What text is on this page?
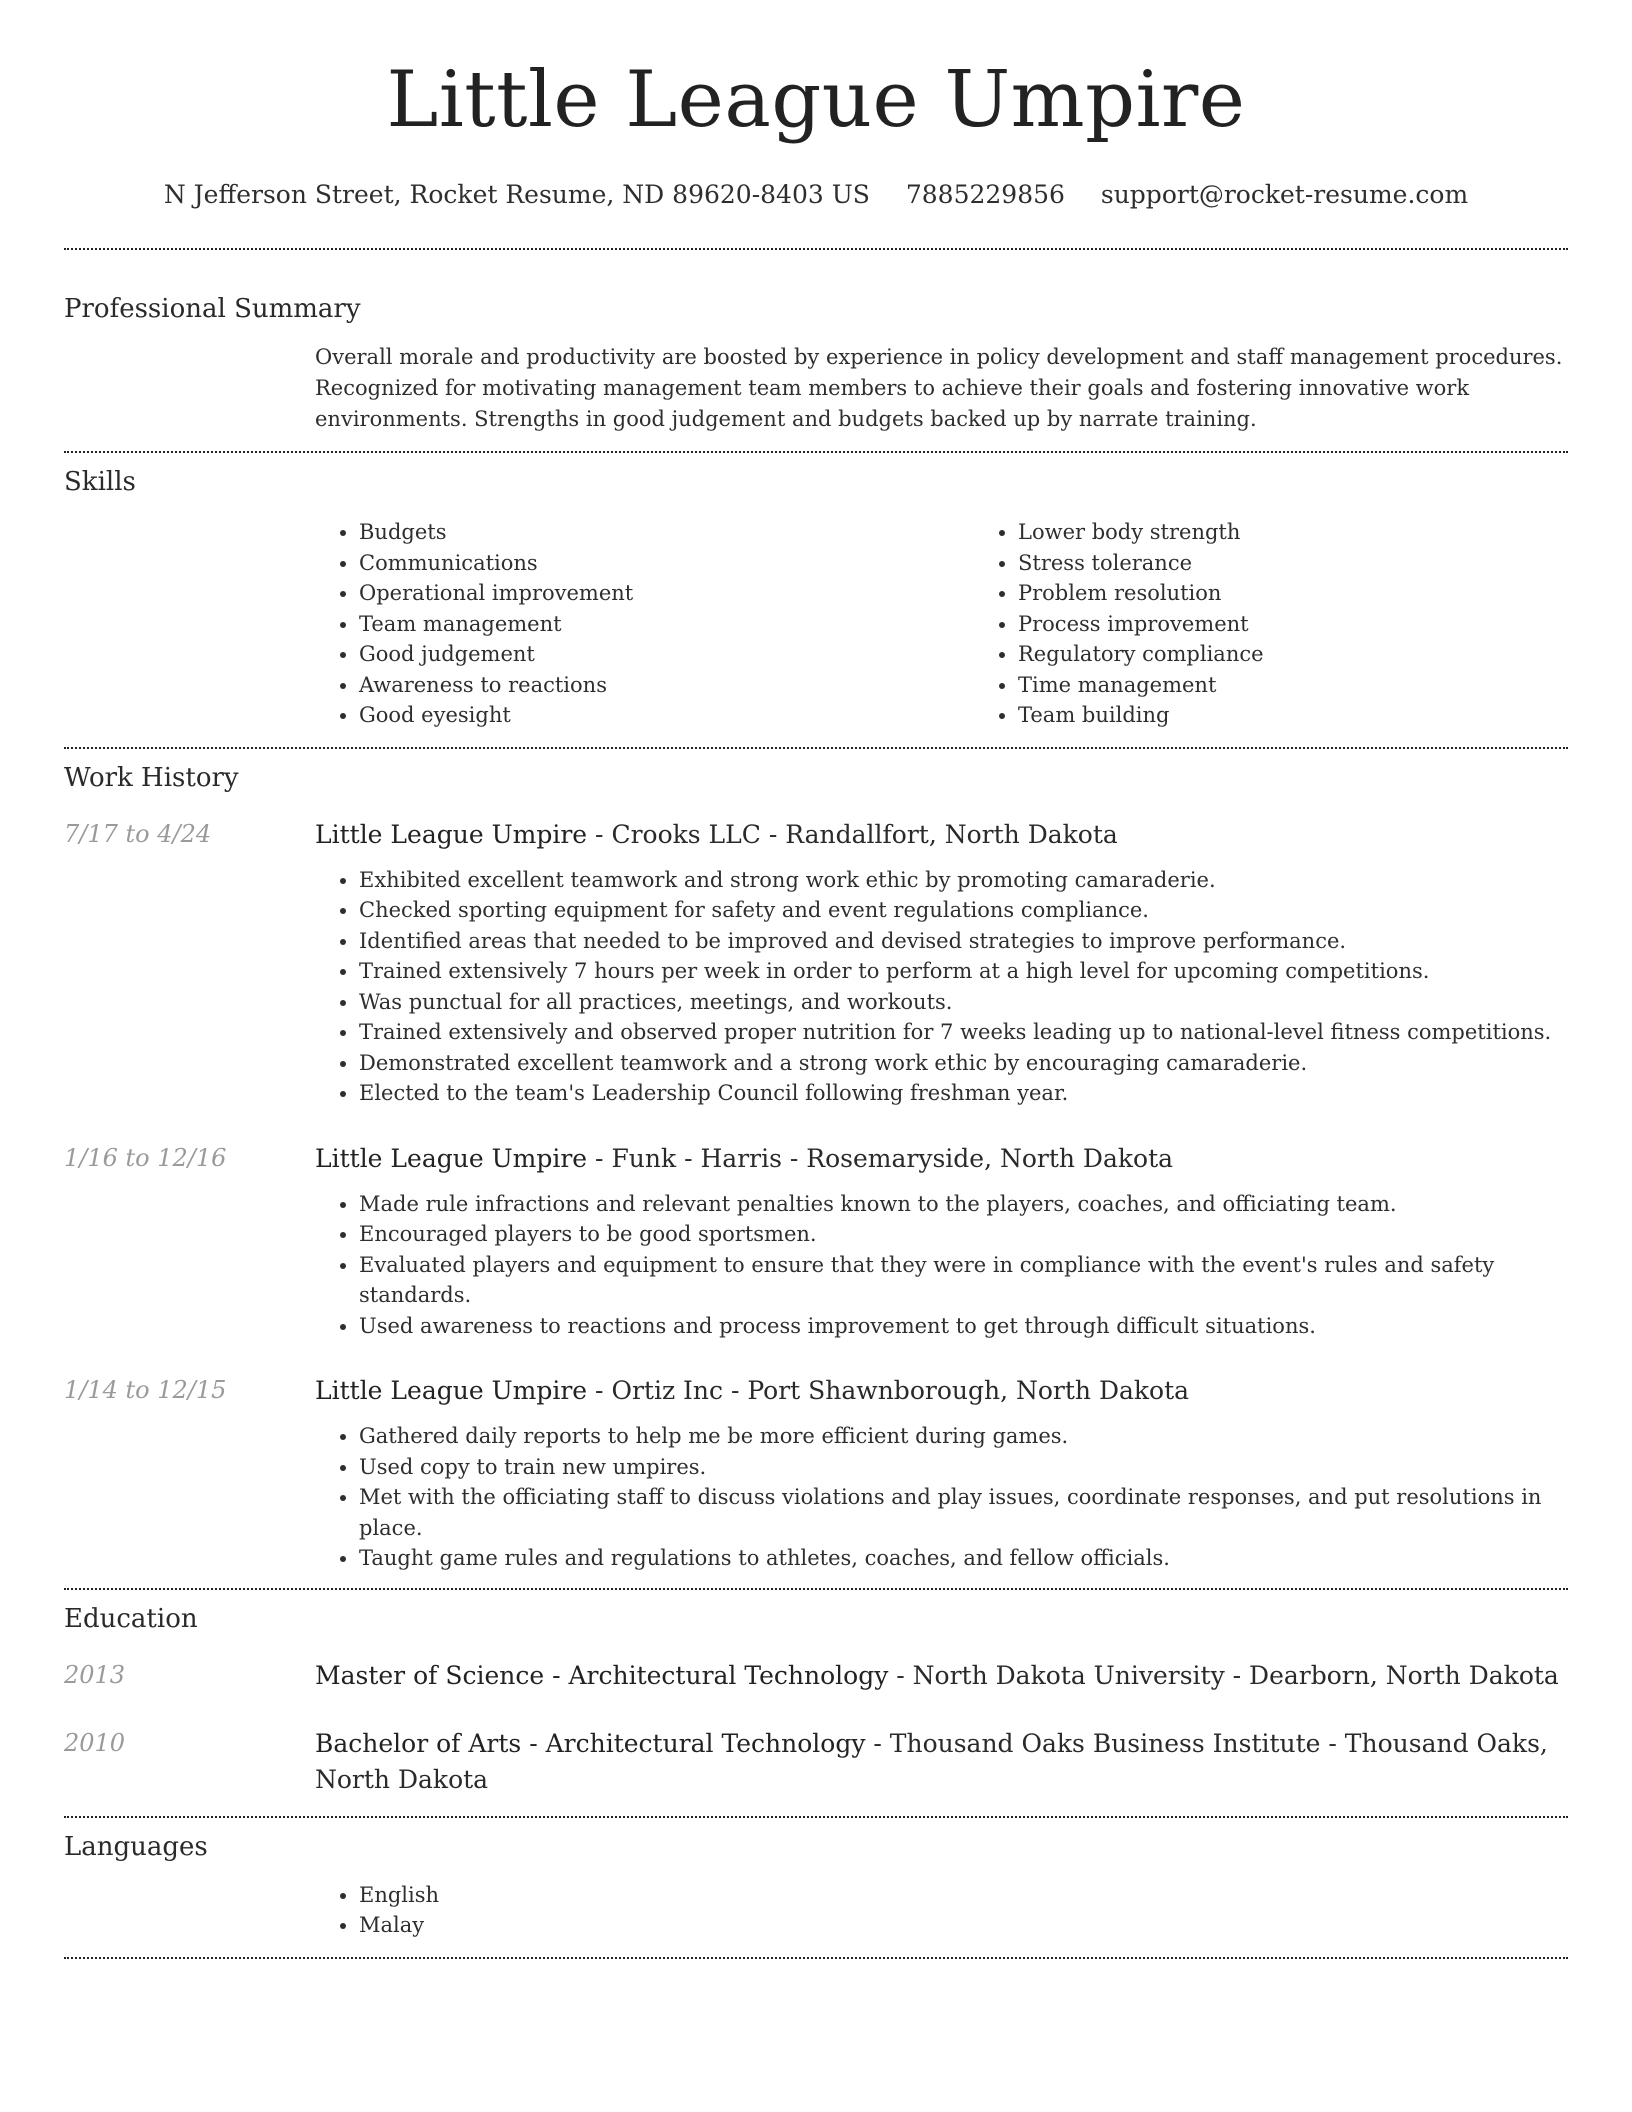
Little League Umpire
N Jefferson Street, Rocket Resume, ND 89620-8403 US 7885229856 support@rocket-resume.com
Professional Summary
Overall morale and productivity are boosted by experience in policy development and staff management procedures. Recognized for motivating management team members to achieve their goals and fostering innovative work environments. Strengths in good judgement and budgets backed up by narrate training.
Skills
• Budgets
• Communications
• Operational improvement
• Team management
• Good judgement
• Awareness to reactions
• Good eyesight
• Lower body strength
• Stress tolerance
• Problem resolution
• Process improvement
• Regulatory compliance
• Time management
• Team building
Work History
7/17 to 4/24	Little League Umpire - Crooks LLC - Randallfort, North Dakota
• Exhibited excellent teamwork and strong work ethic by promoting camaraderie.
• Checked sporting equipment for safety and event regulations compliance.
• Identified areas that needed to be improved and devised strategies to improve performance.
• Trained extensively 7 hours per week in order to perform at a high level for upcoming competitions.
• Was punctual for all practices, meetings, and workouts.
• Trained extensively and observed proper nutrition for 7 weeks leading up to national-level fitness competitions.
• Demonstrated excellent teamwork and a strong work ethic by encouraging camaraderie.
• Elected to the team's Leadership Council following freshman year.
1/16 to 12/16	Little League Umpire - Funk - Harris - Rosemaryside, North Dakota
• Made rule infractions and relevant penalties known to the players, coaches, and officiating team.
• Encouraged players to be good sportsmen.
• Evaluated players and equipment to ensure that they were in compliance with the event's rules and safety standards.
• Used awareness to reactions and process improvement to get through difficult situations.
1/14 to 12/15	Little League Umpire - Ortiz Inc - Port Shawnborough, North Dakota
• Gathered daily reports to help me be more efficient during games.
• Used copy to train new umpires.
• Met with the officiating staff to discuss violations and play issues, coordinate responses, and put resolutions in place.
• Taught game rules and regulations to athletes, coaches, and fellow officials.
Education
2013	Master of Science - Architectural Technology - North Dakota University - Dearborn, North Dakota
2010	Bachelor of Arts - Architectural Technology - Thousand Oaks Business Institute - Thousand Oaks, North Dakota
Languages
• English
• Malay
